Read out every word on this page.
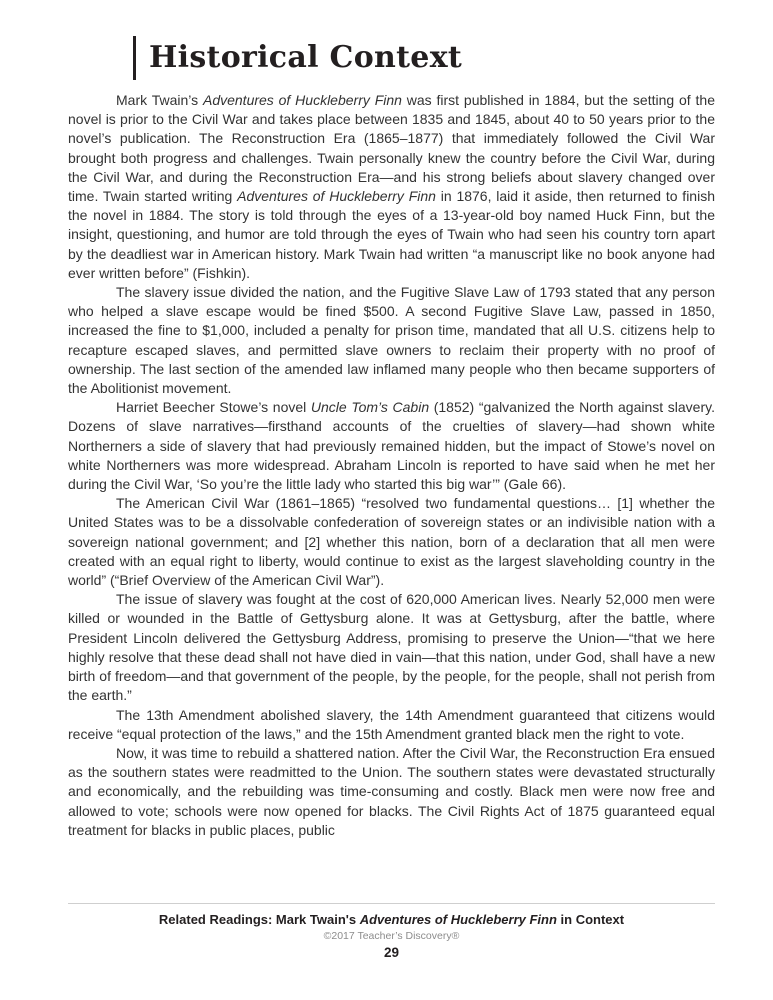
Historical Context

Mark Twain’s Adventures of Huckleberry Finn was first published in 1884, but the setting of the novel is prior to the Civil War and takes place between 1835 and 1845, about 40 to 50 years prior to the novel’s publication. The Reconstruction Era (1865–1877) that immediately followed the Civil War brought both progress and challenges. Twain personally knew the country before the Civil War, during the Civil War, and during the Reconstruction Era—and his strong beliefs about slavery changed over time. Twain started writing Adventures of Huckleberry Finn in 1876, laid it aside, then returned to finish the novel in 1884. The story is told through the eyes of a 13-year-old boy named Huck Finn, but the insight, questioning, and humor are told through the eyes of Twain who had seen his country torn apart by the deadliest war in American history. Mark Twain had written “a manuscript like no book anyone had ever written before” (Fishkin).

The slavery issue divided the nation, and the Fugitive Slave Law of 1793 stated that any person who helped a slave escape would be fined $500. A second Fugitive Slave Law, passed in 1850, increased the fine to $1,000, included a penalty for prison time, mandated that all U.S. citizens help to recapture escaped slaves, and permitted slave owners to reclaim their property with no proof of ownership. The last section of the amended law inflamed many people who then became supporters of the Abolitionist movement.

Harriet Beecher Stowe’s novel Uncle Tom’s Cabin (1852) “galvanized the North against slavery. Dozens of slave narratives—firsthand accounts of the cruelties of slavery—had shown white Northerners a side of slavery that had previously remained hidden, but the impact of Stowe’s novel on white Northerners was more widespread. Abraham Lincoln is reported to have said when he met her during the Civil War, ‘So you’re the little lady who started this big war’” (Gale 66).

The American Civil War (1861–1865) “resolved two fundamental questions… [1] whether the United States was to be a dissolvable confederation of sovereign states or an indivisible nation with a sovereign national government; and [2] whether this nation, born of a declaration that all men were created with an equal right to liberty, would continue to exist as the largest slaveholding country in the world” (“Brief Overview of the American Civil War”).

The issue of slavery was fought at the cost of 620,000 American lives. Nearly 52,000 men were killed or wounded in the Battle of Gettysburg alone. It was at Gettysburg, after the battle, where President Lincoln delivered the Gettysburg Address, promising to preserve the Union—“that we here highly resolve that these dead shall not have died in vain—that this nation, under God, shall have a new birth of freedom—and that government of the people, by the people, for the people, shall not perish from the earth.”

The 13th Amendment abolished slavery, the 14th Amendment guaranteed that citizens would receive “equal protection of the laws,” and the 15th Amendment granted black men the right to vote.

Now, it was time to rebuild a shattered nation. After the Civil War, the Reconstruction Era ensued as the southern states were readmitted to the Union. The southern states were devastated structurally and economically, and the rebuilding was time-consuming and costly. Black men were now free and allowed to vote; schools were now opened for blacks. The Civil Rights Act of 1875 guaranteed equal treatment for blacks in public places, public

Related Readings: Mark Twain's Adventures of Huckleberry Finn in Context
©2017 Teacher’s Discovery®
29
